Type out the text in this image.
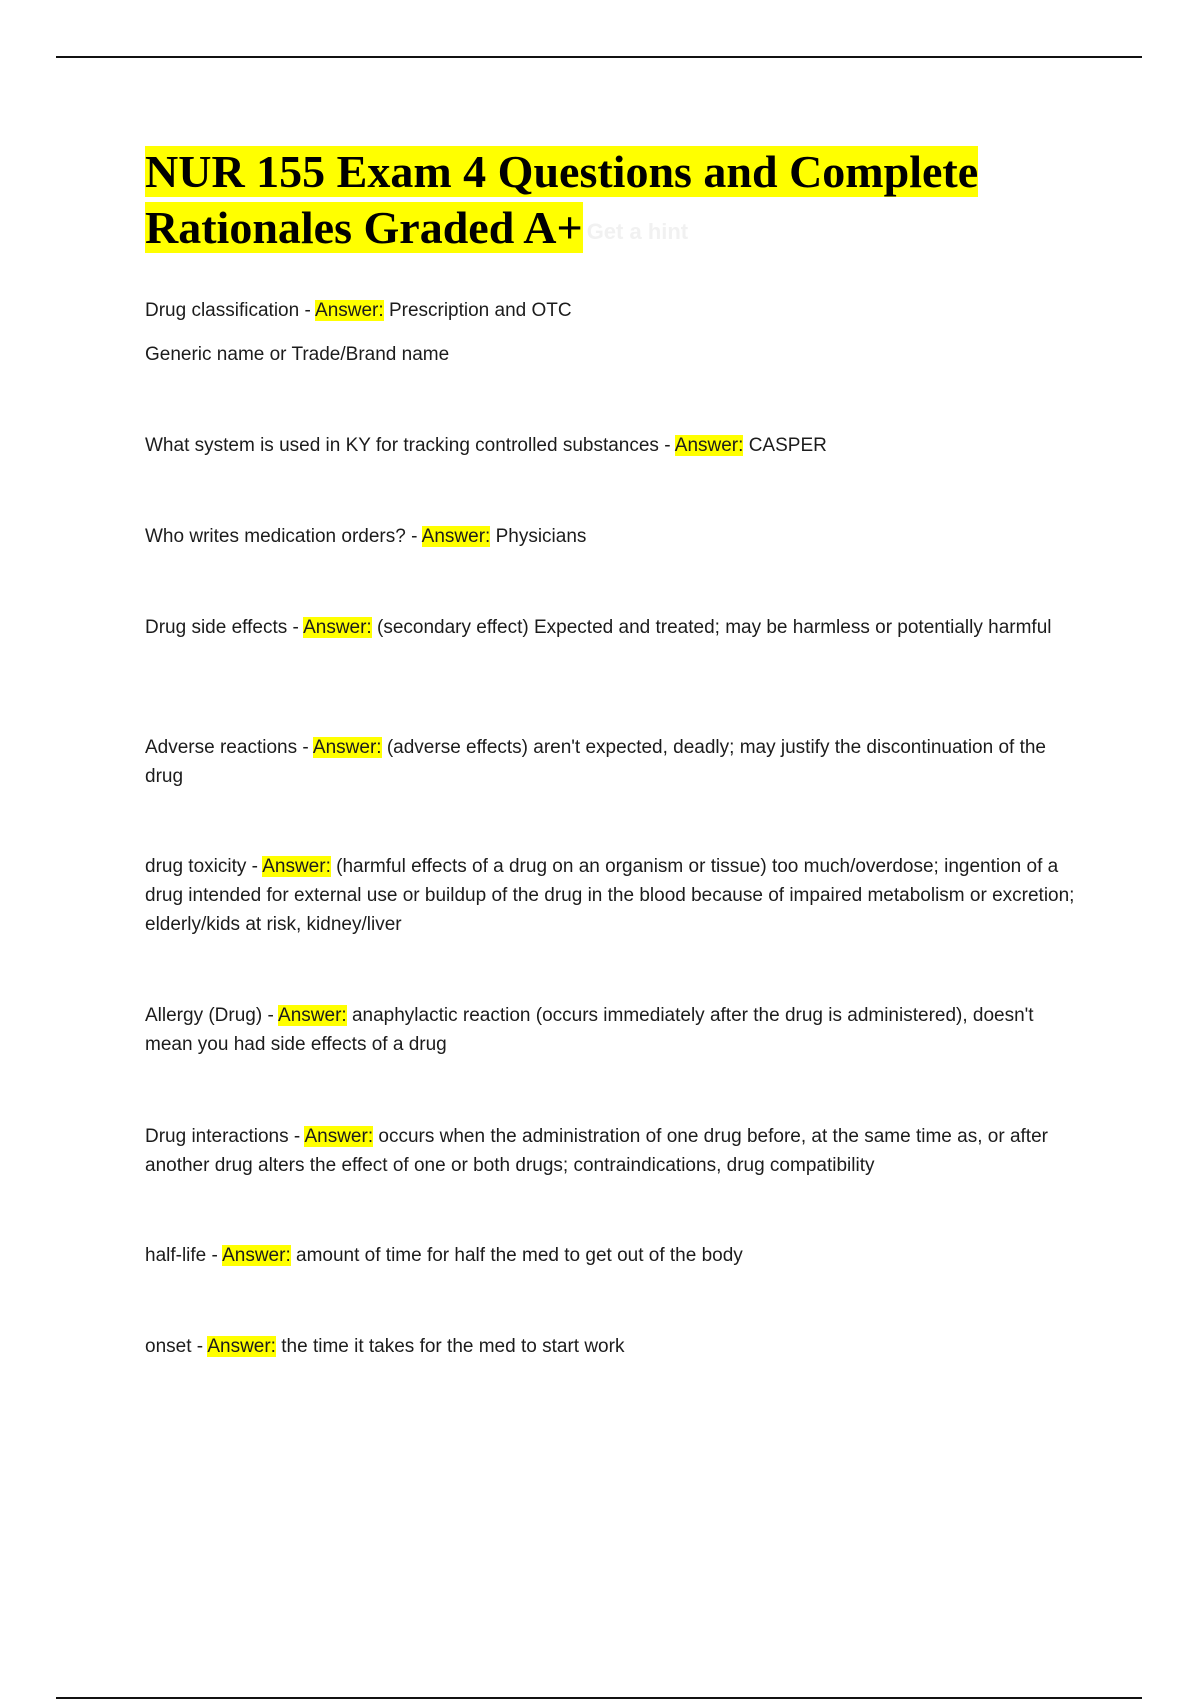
NUR 155 Exam 4 Questions and Complete
Rationales Graded A+ Get a hint
Drug classification - Answer: Prescription and OTC
Generic name or Trade/Brand name
What system is used in KY for tracking controlled substances - Answer: CASPER
Who writes medication orders? - Answer: Physicians
Drug side effects - Answer: (secondary effect) Expected and treated; may be harmless or potentially harmful
Adverse reactions - Answer: (adverse effects) aren't expected, deadly; may justify the discontinuation of the drug
drug toxicity - Answer: (harmful effects of a drug on an organism or tissue) too much/overdose; ingention of a drug intended for external use or buildup of the drug in the blood because of impaired metabolism or excretion; elderly/kids at risk, kidney/liver
Allergy (Drug) - Answer: anaphylactic reaction (occurs immediately after the drug is administered), doesn't mean you had side effects of a drug
Drug interactions - Answer: occurs when the administration of one drug before, at the same time as, or after another drug alters the effect of one or both drugs; contraindications, drug compatibility
half-life - Answer: amount of time for half the med to get out of the body
onset - Answer: the time it takes for the med to start work
